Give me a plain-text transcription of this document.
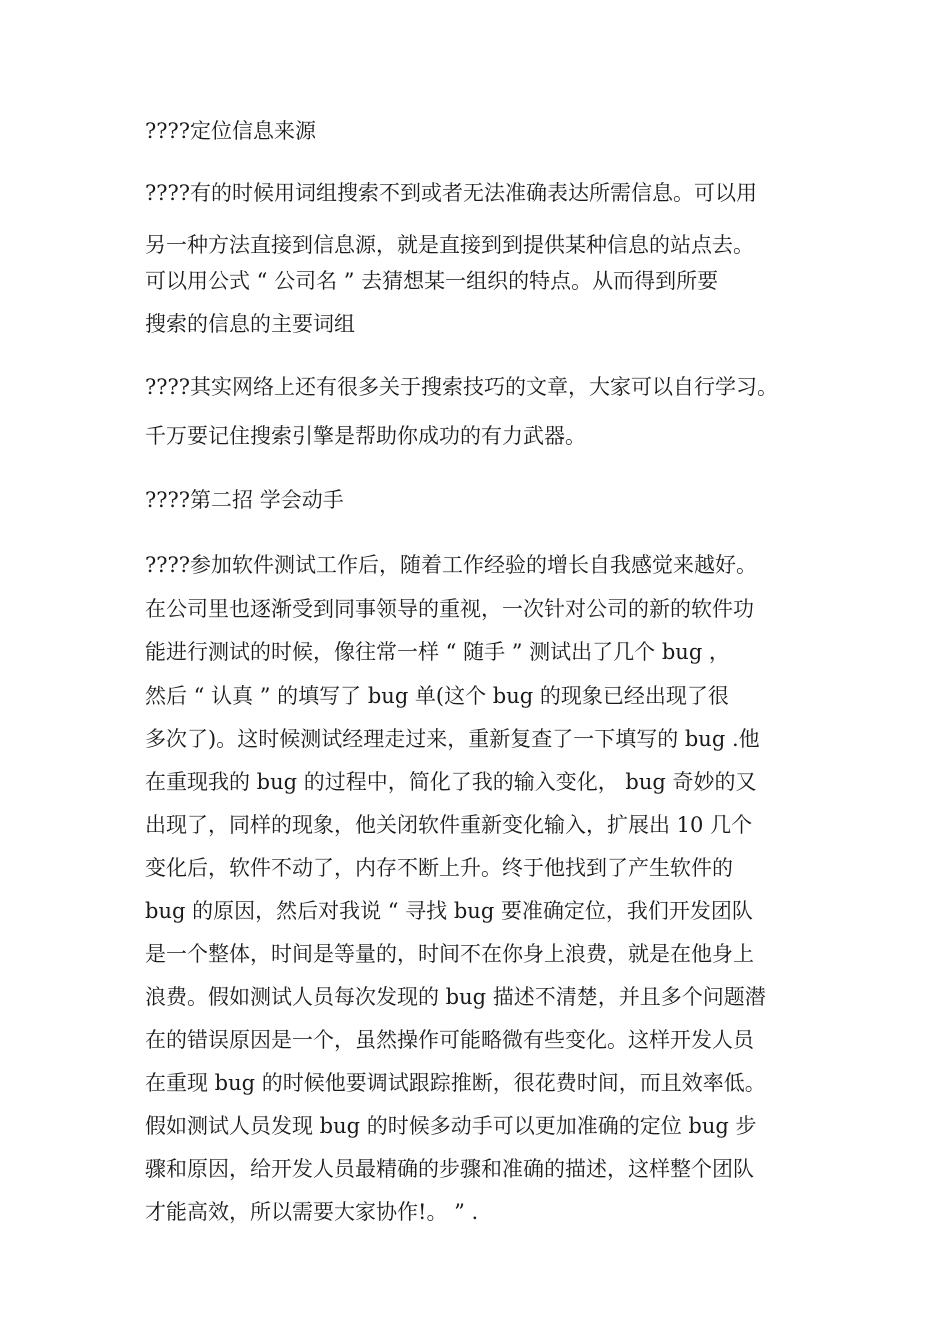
????定位信息来源
????有的时候用词组搜索不到或者无法准确表达所需信息。可以用
另一种方法直接到信息源，就是直接到到提供某种信息的站点去。
可以用公式 “ 公司名 ” 去猜想某一组织的特点。从而得到所要
搜索的信息的主要词组
????其实网络上还有很多关于搜索技巧的文章，大家可以自行学习。
千万要记住搜索引擎是帮助你成功的有力武器。
????第二招 学会动手
????参加软件测试工作后，随着工作经验的增长自我感觉来越好。
在公司里也逐渐受到同事领导的重视，一次针对公司的新的软件功
能进行测试的时候，像往常一样 “ 随手 ” 测试出了几个 bug ，
然后 “ 认真 ” 的填写了 bug 单(这个 bug 的现象已经出现了很
多次了)。这时候测试经理走过来，重新复查了一下填写的 bug .他
在重现我的 bug 的过程中，简化了我的输入变化， bug 奇妙的又
出现了，同样的现象，他关闭软件重新变化输入，扩展出 10 几个
变化后，软件不动了，内存不断上升。终于他找到了产生软件的
bug 的原因，然后对我说 “ 寻找 bug 要准确定位，我们开发团队
是一个整体，时间是等量的，时间不在你身上浪费，就是在他身上
浪费。假如测试人员每次发现的 bug 描述不清楚，并且多个问题潜
在的错误原因是一个，虽然操作可能略微有些变化。这样开发人员
在重现 bug 的时候他要调试跟踪推断，很花费时间，而且效率低。
假如测试人员发现 bug 的时候多动手可以更加准确的定位 bug 步
骤和原因，给开发人员最精确的步骤和准确的描述，这样整个团队
才能高效，所以需要大家协作!。 ” .
